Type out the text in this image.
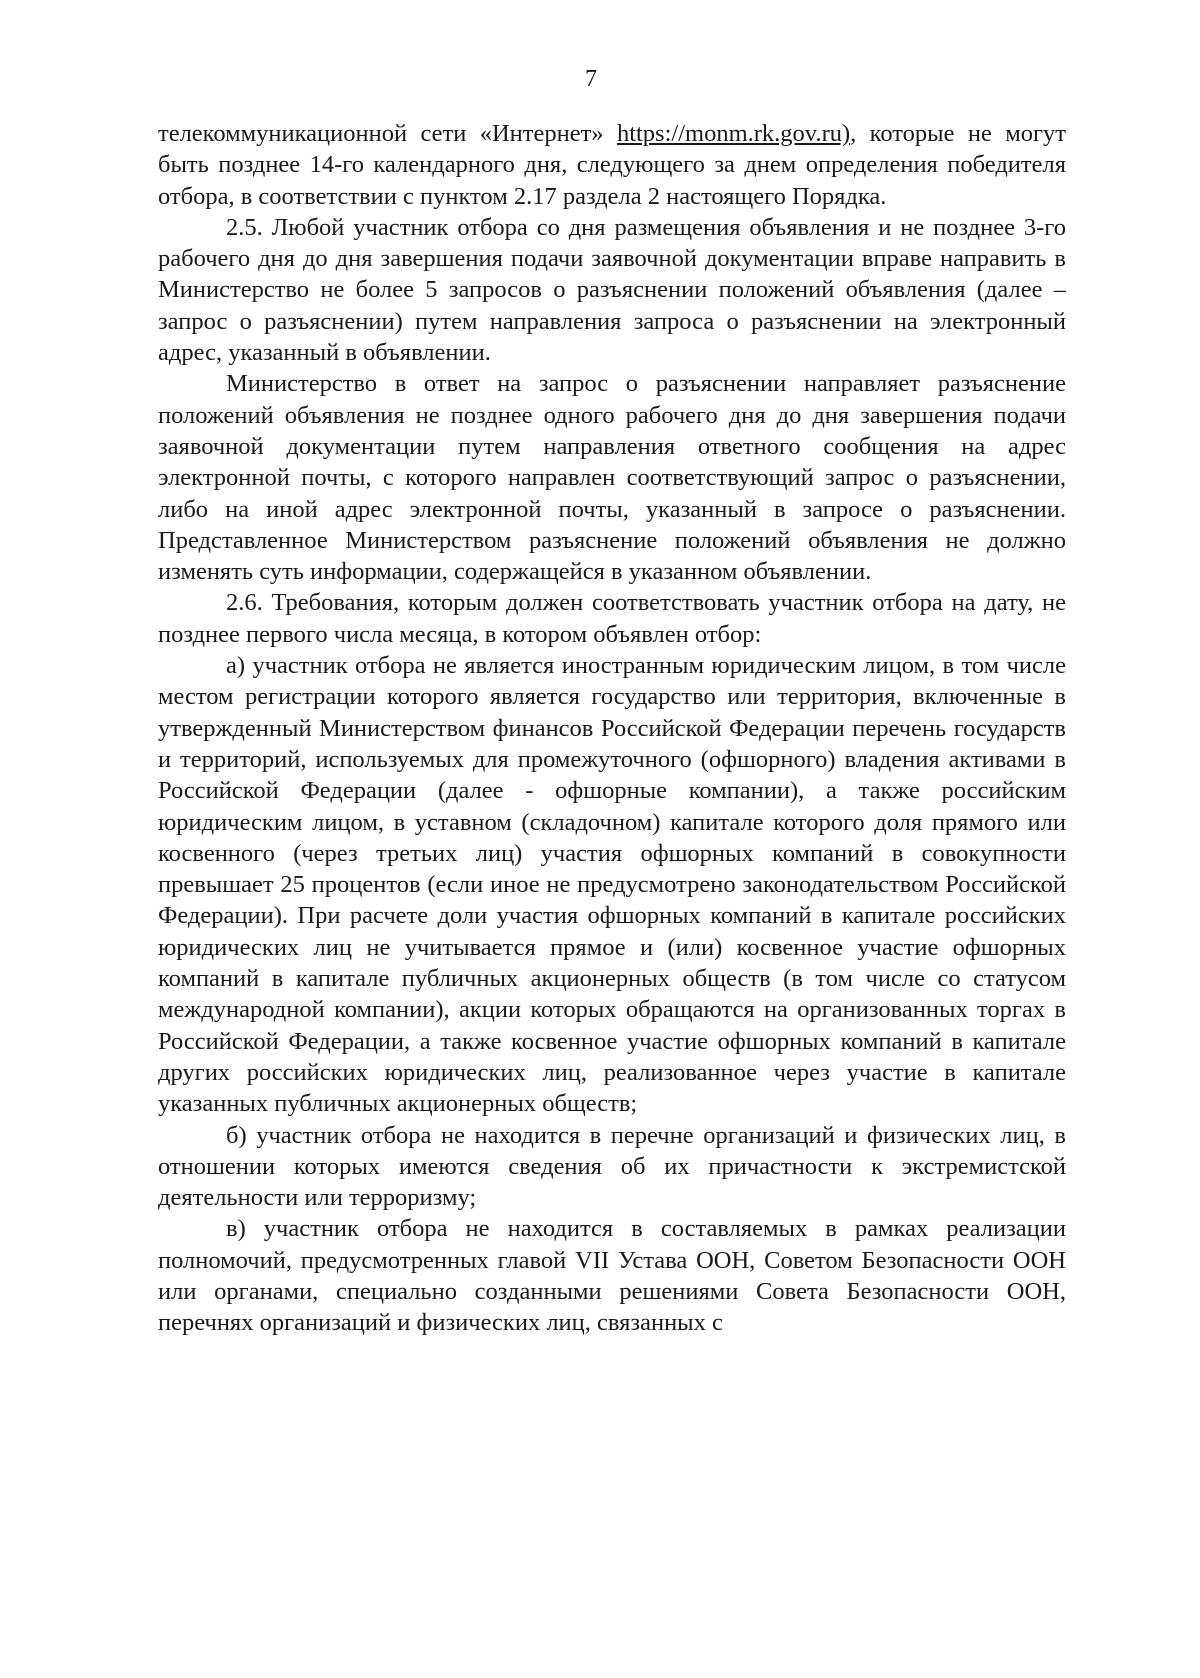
7

телекоммуникационной сети «Интернет» https://monm.rk.gov.ru), которые не могут быть позднее 14-го календарного дня, следующего за днем определения победителя отбора, в соответствии с пунктом 2.17 раздела 2 настоящего Порядка.

2.5. Любой участник отбора со дня размещения объявления и не позднее 3-го рабочего дня до дня завершения подачи заявочной документации вправе направить в Министерство не более 5 запросов о разъяснении положений объявления (далее – запрос о разъяснении) путем направления запроса о разъяснении на электронный адрес, указанный в объявлении.

Министерство в ответ на запрос о разъяснении направляет разъяснение положений объявления не позднее одного рабочего дня до дня завершения подачи заявочной документации путем направления ответного сообщения на адрес электронной почты, с которого направлен соответствующий запрос о разъяснении, либо на иной адрес электронной почты, указанный в запросе о разъяснении. Представленное Министерством разъяснение положений объявления не должно изменять суть информации, содержащейся в указанном объявлении.

2.6. Требования, которым должен соответствовать участник отбора на дату, не позднее первого числа месяца, в котором объявлен отбор:

а) участник отбора не является иностранным юридическим лицом, в том числе местом регистрации которого является государство или территория, включенные в утвержденный Министерством финансов Российской Федерации перечень государств и территорий, используемых для промежуточного (офшорного) владения активами в Российской Федерации (далее - офшорные компании), а также российским юридическим лицом, в уставном (складочном) капитале которого доля прямого или косвенного (через третьих лиц) участия офшорных компаний в совокупности превышает 25 процентов (если иное не предусмотрено законодательством Российской Федерации). При расчете доли участия офшорных компаний в капитале российских юридических лиц не учитывается прямое и (или) косвенное участие офшорных компаний в капитале публичных акционерных обществ (в том числе со статусом международной компании), акции которых обращаются на организованных торгах в Российской Федерации, а также косвенное участие офшорных компаний в капитале других российских юридических лиц, реализованное через участие в капитале указанных публичных акционерных обществ;

б) участник отбора не находится в перечне организаций и физических лиц, в отношении которых имеются сведения об их причастности к экстремистской деятельности или терроризму;

в) участник отбора не находится в составляемых в рамках реализации полномочий, предусмотренных главой VII Устава ООН, Советом Безопасности ООН или органами, специально созданными решениями Совета Безопасности ООН, перечнях организаций и физических лиц, связанных с
